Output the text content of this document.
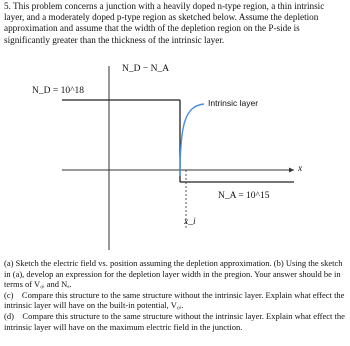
5. This problem concerns a junction with a heavily doped n-type region, a thin intrinsic layer, and a moderately doped p-type region as sketched below. Assume the depletion approximation and assume that the width of the depletion region on the P-side is significantly greater than the thickness of the intrinsic layer.
N_D − N_A
N_D = 10^18
Intrinsic layer
x
N_A = 10^15
x_i

(a) Sketch the electric field vs. position assuming the depletion approximation. (b) Using the sketch in (a), develop an expression for the depletion layer width in the pregion. Your answer should be in terms of V₀ᵢ and Nₐ.

(c) Compare this structure to the same structure without the intrinsic layer. Explain what effect the intrinsic layer will have on the built-in potential, V₀ᵢ.

(d) Compare this structure to the same structure without the intrinsic layer. Explain what effect the intrinsic layer will have on the maximum electric field in the junction.
